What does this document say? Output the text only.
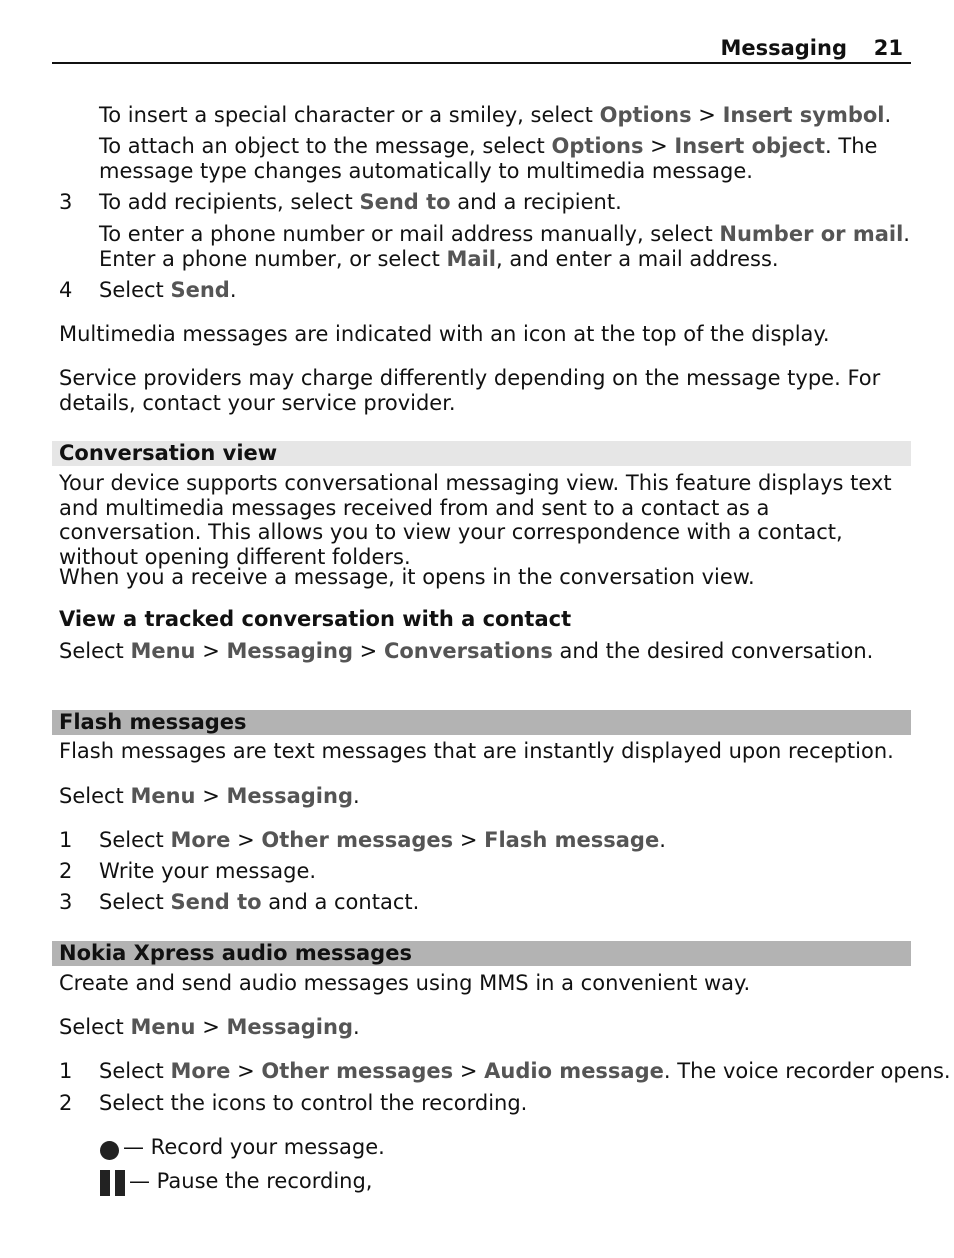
Messaging 21
To insert a special character or a smiley, select Options > Insert symbol.
To attach an object to the message, select Options > Insert object. The message type changes automatically to multimedia message.
3 To add recipients, select Send to and a recipient.
To enter a phone number or mail address manually, select Number or mail. Enter a phone number, or select Mail, and enter a mail address.
4 Select Send.
Multimedia messages are indicated with an icon at the top of the display.
Service providers may charge differently depending on the message type. For details, contact your service provider.
Conversation view
Your device supports conversational messaging view. This feature displays text and multimedia messages received from and sent to a contact as a conversation. This allows you to view your correspondence with a contact, without opening different folders.
When you a receive a message, it opens in the conversation view.
View a tracked conversation with a contact
Select Menu > Messaging > Conversations and the desired conversation.
Flash messages
Flash messages are text messages that are instantly displayed upon reception.
Select Menu > Messaging.
1 Select More > Other messages > Flash message.
2 Write your message.
3 Select Send to and a contact.
Nokia Xpress audio messages
Create and send audio messages using MMS in a convenient way.
Select Menu > Messaging.
1 Select More > Other messages > Audio message. The voice recorder opens.
2 Select the icons to control the recording.
— Record your message.
— Pause the recording,
